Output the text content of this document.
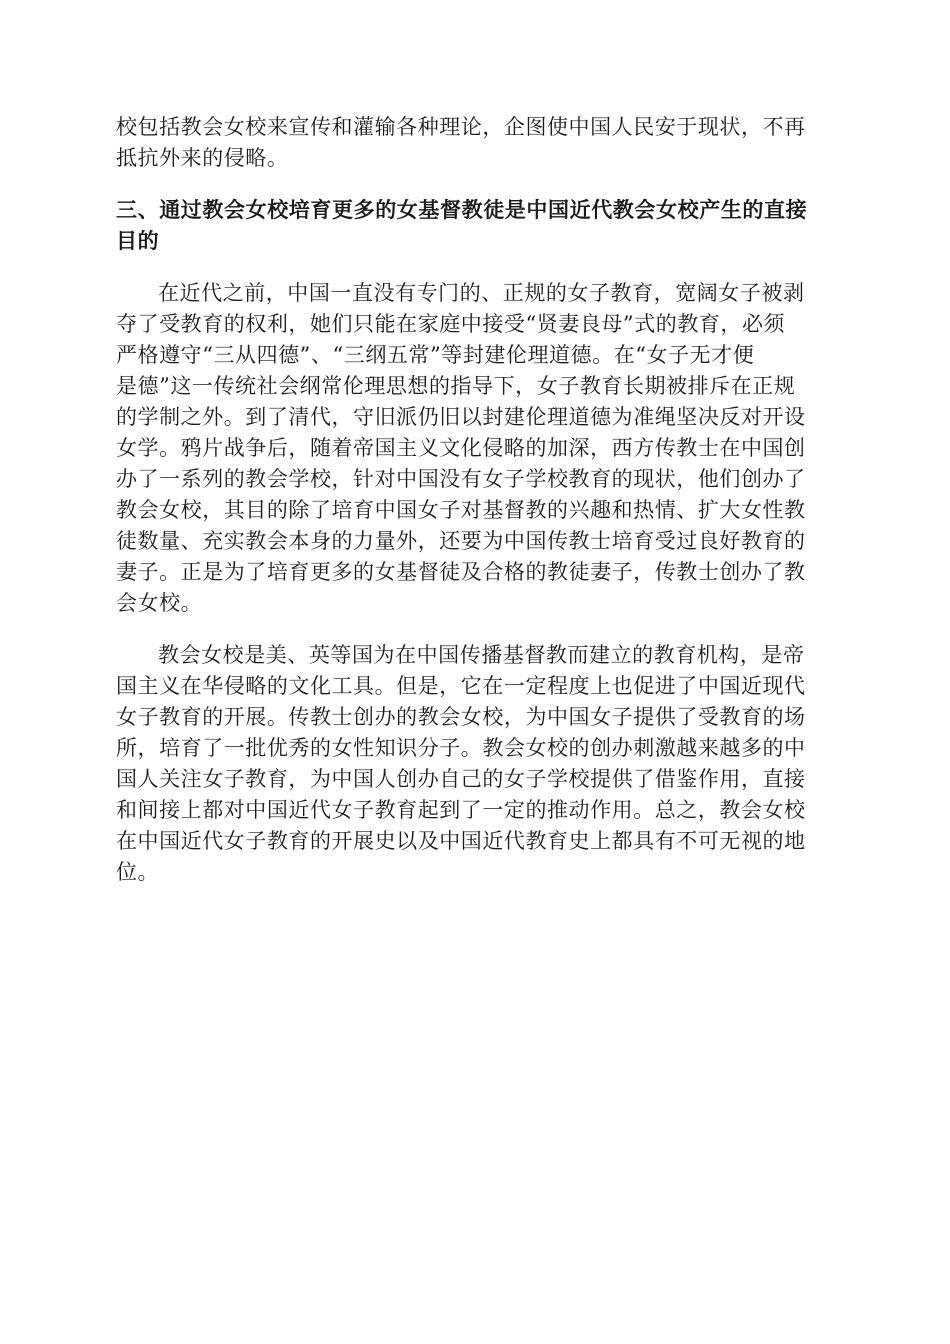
校包括教会女校来宣传和灌输各种理论，企图使中国人民安于现状，不再
抵抗外来的侵略。
三、通过教会女校培育更多的女基督教徒是中国近代教会女校产生的直接
目的
在近代之前，中国一直没有专门的、正规的女子教育，宽阔女子被剥
夺了受教育的权利，她们只能在家庭中接受“贤妻良母”式的教育，必须
严格遵守“三从四德”、“三纲五常”等封建伦理道德。在“女子无才便
是德”这一传统社会纲常伦理思想的指导下，女子教育长期被排斥在正规
的学制之外。到了清代，守旧派仍旧以封建伦理道德为准绳坚决反对开设
女学。鸦片战争后，随着帝国主义文化侵略的加深，西方传教士在中国创
办了一系列的教会学校，针对中国没有女子学校教育的现状，他们创办了
教会女校，其目的除了培育中国女子对基督教的兴趣和热情、扩大女性教
徒数量、充实教会本身的力量外，还要为中国传教士培育受过良好教育的
妻子。正是为了培育更多的女基督徒及合格的教徒妻子，传教士创办了教
会女校。
教会女校是美、英等国为在中国传播基督教而建立的教育机构，是帝
国主义在华侵略的文化工具。但是，它在一定程度上也促进了中国近现代
女子教育的开展。传教士创办的教会女校，为中国女子提供了受教育的场
所，培育了一批优秀的女性知识分子。教会女校的创办刺激越来越多的中
国人关注女子教育，为中国人创办自己的女子学校提供了借鉴作用，直接
和间接上都对中国近代女子教育起到了一定的推动作用。总之，教会女校
在中国近代女子教育的开展史以及中国近代教育史上都具有不可无视的地
位。
